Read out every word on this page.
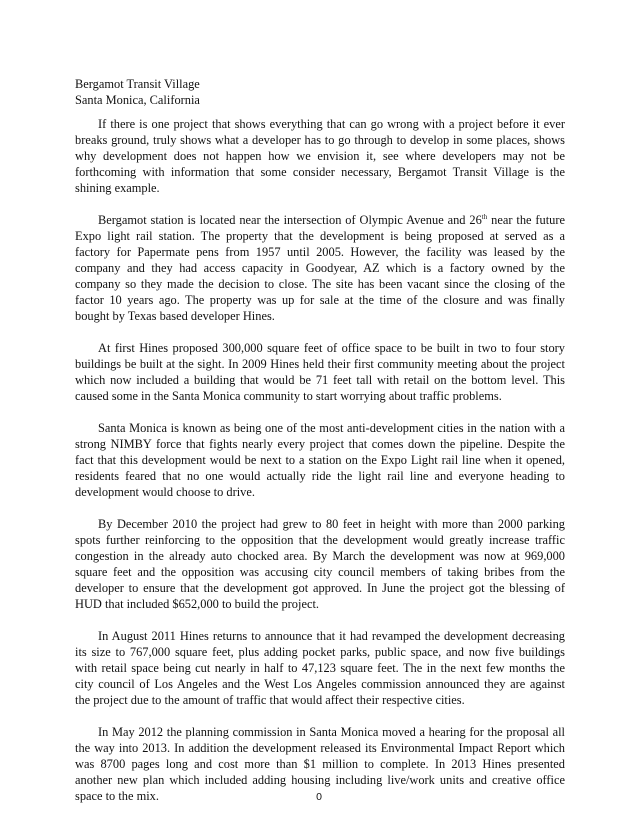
Bergamot Transit Village

Santa Monica, California

If there is one project that shows everything that can go wrong with a project before it ever
breaks ground, truly shows what a developer has to go through to develop in some places, shows
why development does not happen how we envision it, see where developers may not be
forthcoming with information that some consider necessary, Bergamot Transit Village is the
shining example.
Bergamot station is located near the intersection of Olympic Avenue and 26th near the future
Expo light rail station. The property that the development is being proposed at served as a
factory for Papermate pens from 1957 until 2005. However, the facility was leased by the
company and they had access capacity in Goodyear, AZ which is a factory owned by the
company so they made the decision to close. The site has been vacant since the closing of the
factor 10 years ago. The property was up for sale at the time of the closure and was finally
bought by Texas based developer Hines.
At first Hines proposed 300,000 square feet of office space to be built in two to four story
buildings be built at the sight. In 2009 Hines held their first community meeting about the project
which now included a building that would be 71 feet tall with retail on the bottom level. This
caused some in the Santa Monica community to start worrying about traffic problems.
Santa Monica is known as being one of the most anti-development cities in the nation with a
strong NIMBY force that fights nearly every project that comes down the pipeline. Despite the
fact that this development would be next to a station on the Expo Light rail line when it opened,
residents feared that no one would actually ride the light rail line and everyone heading to
development would choose to drive.
By December 2010 the project had grew to 80 feet in height with more than 2000 parking
spots further reinforcing to the opposition that the development would greatly increase traffic
congestion in the already auto chocked area. By March the development was now at 969,000
square feet and the opposition was accusing city council members of taking bribes from the
developer to ensure that the development got approved. In June the project got the blessing of
HUD that included $652,000 to build the project.
In August 2011 Hines returns to announce that it had revamped the development decreasing
its size to 767,000 square feet, plus adding pocket parks, public space, and now five buildings
with retail space being cut nearly in half to 47,123 square feet. The in the next few months the
city council of Los Angeles and the West Los Angeles commission announced they are against
the project due to the amount of traffic that would affect their respective cities.
In May 2012 the planning commission in Santa Monica moved a hearing for the proposal all
the way into 2013. In addition the development released its Environmental Impact Report which
was 8700 pages long and cost more than $1 million to complete. In 2013 Hines presented
another new plan which included adding housing including live/work units and creative office
space to the mix.	0
